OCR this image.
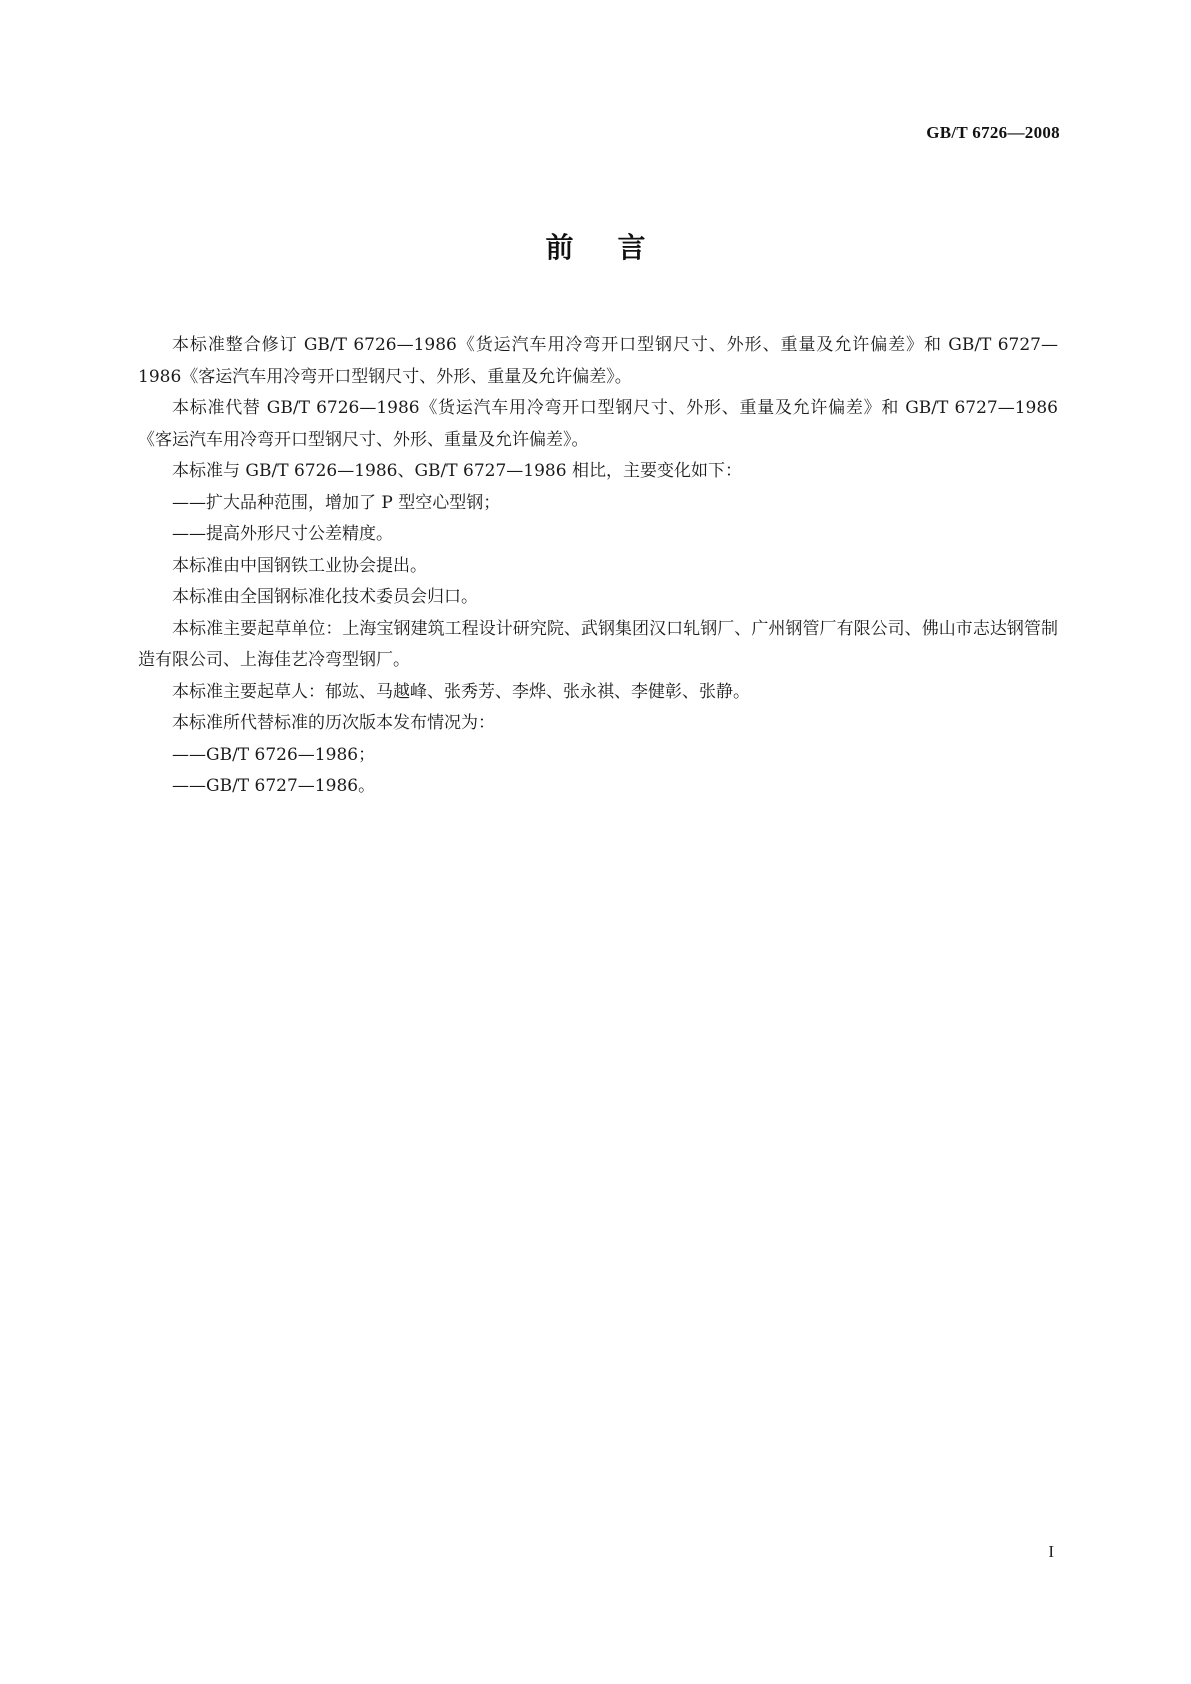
GB/T 6726—2008
前言

本标准整合修订 GB/T 6726—1986《货运汽车用冷弯开口型钢尺寸、外形、重量及允许偏差》和 GB/T 6727—1986《客运汽车用冷弯开口型钢尺寸、外形、重量及允许偏差》。

本标准代替 GB/T 6726—1986《货运汽车用冷弯开口型钢尺寸、外形、重量及允许偏差》和 GB/T 6727—1986《客运汽车用冷弯开口型钢尺寸、外形、重量及允许偏差》。

本标准与 GB/T 6726—1986、GB/T 6727—1986 相比，主要变化如下：

——扩大品种范围，增加了 P 型空心型钢；

——提高外形尺寸公差精度。

本标准由中国钢铁工业协会提出。

本标准由全国钢标准化技术委员会归口。

本标准主要起草单位：上海宝钢建筑工程设计研究院、武钢集团汉口轧钢厂、广州钢管厂有限公司、佛山市志达钢管制造有限公司、上海佳艺冷弯型钢厂。

本标准主要起草人：郁竑、马越峰、张秀芳、李烨、张永祺、李健彰、张静。

本标准所代替标准的历次版本发布情况为：

——GB/T 6726—1986；

——GB/T 6727—1986。

I
